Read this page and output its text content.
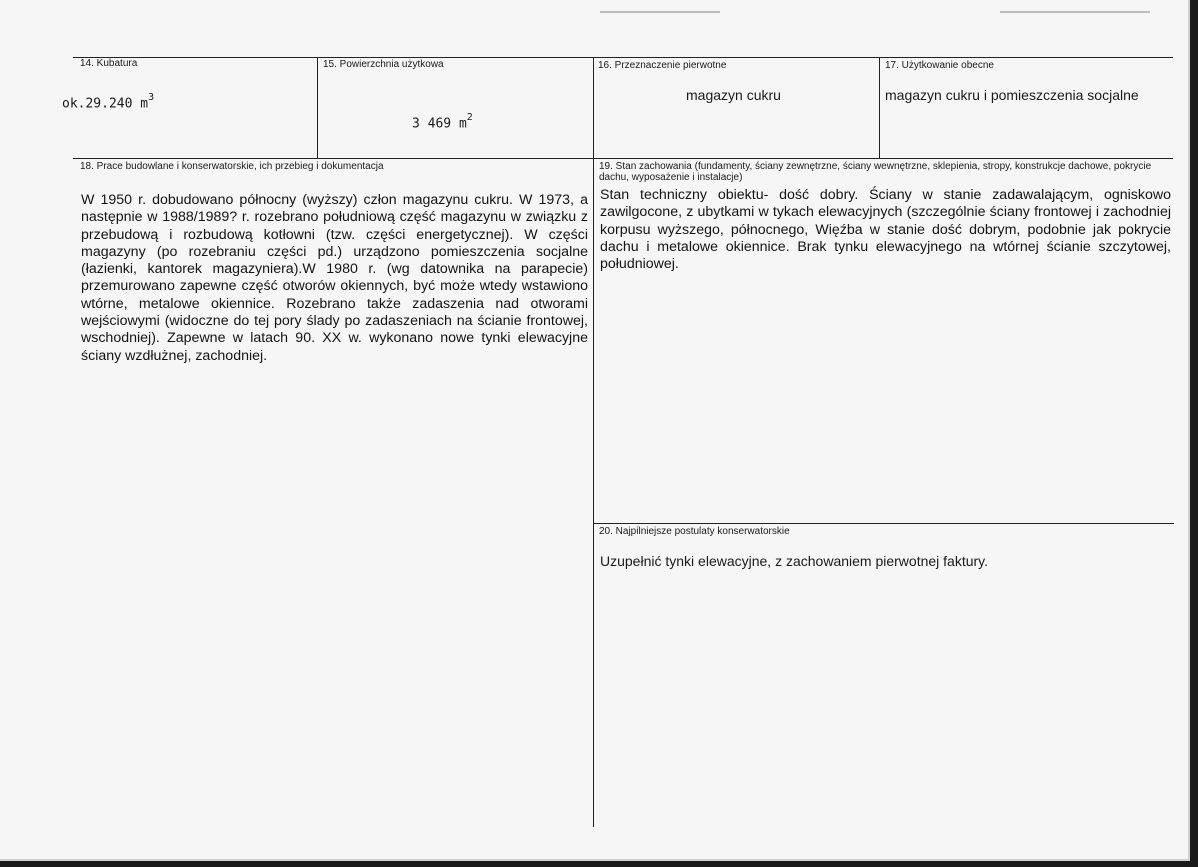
14. Kubatura
ok.29.240 $m^3$
15. Powierzchnia użytkowa
3 469 $m^2$
16. Przeznaczenie pierwotne
magazyn cukru
17. Użytkowanie obecne
magazyn cukru i pomieszczenia socjalne
18. Prace budowlane i konserwatorskie, ich przebieg i dokumentacja
W 1950 r. dobudowano północny (wyższy) człon magazynu cukru. W 1973, a następnie w 1988/1989? r. rozebrano południową część magazynu w związku z przebudową i rozbudową kotłowni (tzw. części energetycznej). W części magazyny (po rozebraniu części pd.) urządzono pomieszczenia socjalne (łazienki, kantorek magazyniera).W 1980 r. (wg datownika na parapecie) przemurowano zapewne część otworów okiennych, być może wtedy wstawiono wtórne, metalowe okiennice. Rozebrano także zadaszenia nad otworami wejściowymi (widoczne do tej pory ślady po zadaszeniach na ścianie frontowej, wschodniej). Zapewne w latach 90. XX w. wykonano nowe tynki elewacyjne ściany wzdłużnej, zachodniej.
19. Stan zachowania (fundamenty, ściany zewnętrzne, ściany wewnętrzne, sklepienia, stropy, konstrukcje dachowe, pokrycie dachu, wyposażenie i instalacje)
Stan techniczny obiektu- dość dobry. Ściany w stanie zadawalającym, ogniskowo zawilgocone, z ubytkami w tykach elewacyjnych (szczególnie ściany frontowej i zachodniej korpusu wyższego, północnego, Więźba w stanie dość dobrym, podobnie jak pokrycie dachu i metalowe okiennice. Brak tynku elewacyjnego na wtórnej ścianie szczytowej, południowej.
20. Najpilniejsze postulaty konserwatorskie
Uzupełnić tynki elewacyjne, z zachowaniem pierwotnej faktury.
